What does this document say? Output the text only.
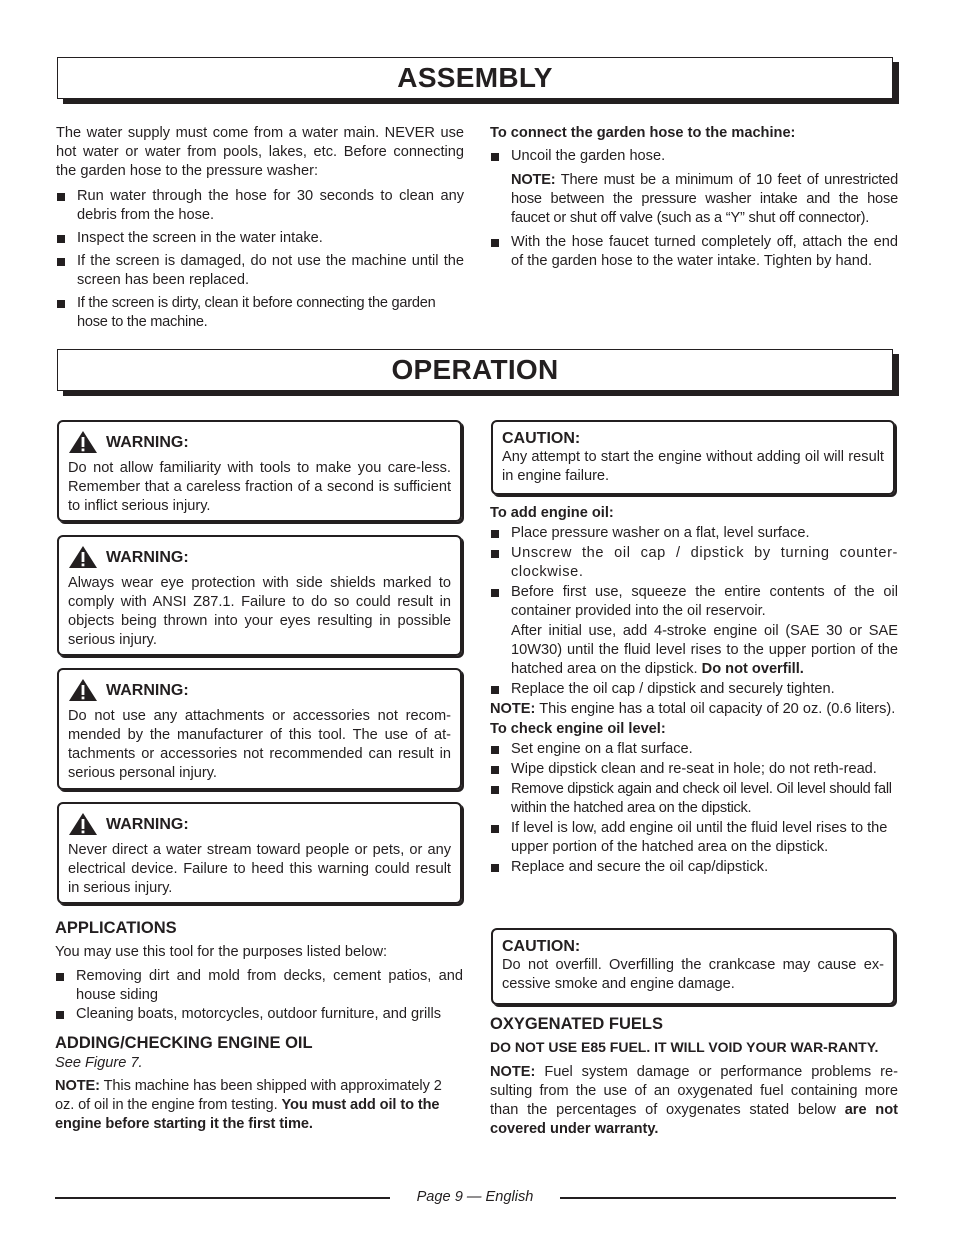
ASSEMBLY

The water supply must come from a water main. NEVER use hot water or water from pools, lakes, etc. Before connecting the garden hose to the pressure washer:

Run water through the hose for 30 seconds to clean any debris from the hose.

Inspect the screen in the water intake.

If the screen is damaged, do not use the machine until the screen has been replaced.

If the screen is dirty, clean it before connecting the garden hose to the machine.

To connect the garden hose to the machine:

Uncoil the garden hose.

NOTE: There must be a minimum of 10 feet of unrestricted hose between the pressure washer intake and the hose faucet or shut off valve (such as a “Y” shut off connector).

With the hose faucet turned completely off, attach the end of the garden hose to the water intake. Tighten by hand.

OPERATION
WARNING:

Do not allow familiarity with tools to make you care-less. Remember that a careless fraction of a second is sufficient to inflict serious injury.

WARNING:

Always wear eye protection with side shields marked to comply with ANSI Z87.1. Failure to do so could result in objects being thrown into your eyes resulting in possible serious injury.

WARNING:

Do not use any attachments or accessories not recom-mended by the manufacturer of this tool. The use of at-tachments or accessories not recommended can result in serious personal injury.

WARNING:

Never direct a water stream toward people or pets, or any electrical device. Failure to heed this warning could result in serious injury.

APPLICATIONS

You may use this tool for the purposes listed below:

Removing dirt and mold from decks, cement patios, and house siding

Cleaning boats, motorcycles, outdoor furniture, and grills

ADDING/CHECKING ENGINE OIL

See Figure 7.

NOTE: This machine has been shipped with approximately 2 oz. of oil in the engine from testing. You must add oil to the engine before starting it the first time.

CAUTION:

Any attempt to start the engine without adding oil will result in engine failure.

To add engine oil:

Place pressure washer on a flat, level surface.

Unscrew the oil cap / dipstick by turning counter-clockwise.

Before first use, squeeze the entire contents of the oil container provided into the oil reservoir.

After initial use, add 4-stroke engine oil (SAE 30 or SAE 10W30) until the fluid level rises to the upper portion of the hatched area on the dipstick. Do not overfill.

Replace the oil cap / dipstick and securely tighten.

NOTE: This engine has a total oil capacity of 20 oz. (0.6 liters).

To check engine oil level:

Set engine on a flat surface.

Wipe dipstick clean and re-seat in hole; do not reth-read.

Remove dipstick again and check oil level. Oil level should fall within the hatched area on the dipstick.

If level is low, add engine oil until the fluid level rises to the upper portion of the hatched area on the dipstick.

Replace and secure the oil cap/dipstick.

CAUTION:

Do not overfill. Overfilling the crankcase may cause ex-cessive smoke and engine damage.

OXYGENATED FUELS

DO NOT USE E85 FUEL. IT WILL VOID YOUR WAR-RANTY.

NOTE: Fuel system damage or performance problems re-sulting from the use of an oxygenated fuel containing more than the percentages of oxygenates stated below are not covered under warranty.

Page 9 — English
